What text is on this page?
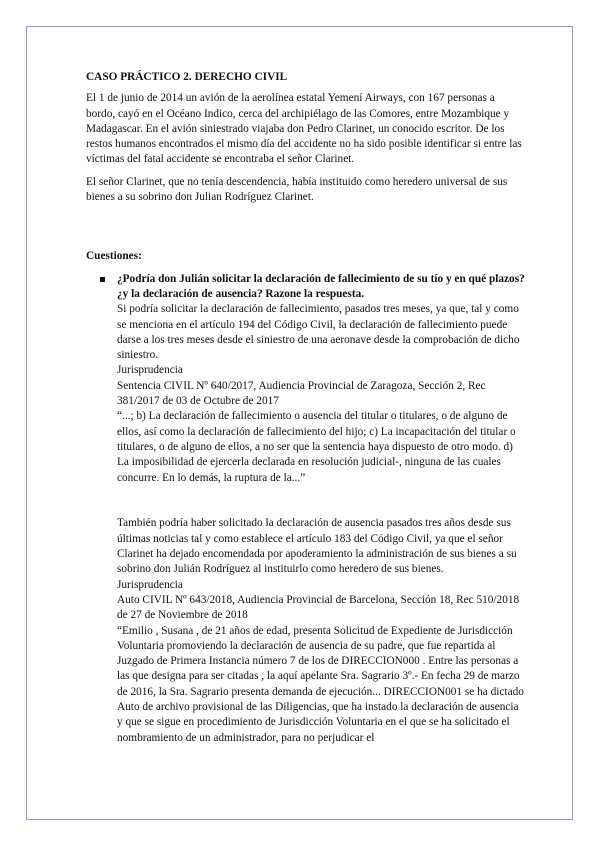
CASO PRÁCTICO 2. DERECHO CIVIL

El 1 de junio de 2014 un avión de la aerolínea estatal Yemení Airways, con 167 personas a bordo, cayó en el Océano Indico, cerca del archipiélago de las Comores, entre Mozambique y Madagascar. En el avión siniestrado viajaba don Pedro Clarinet, un conocido escritor. De los restos humanos encontrados el mismo día del accidente no ha sido posible identificar si entre las víctimas del fatal accidente se encontraba el señor Clarinet.

El señor Clarinet, que no tenía descendencia, había instituido como heredero universal de sus bienes a su sobrino don Julian Rodríguez Clarinet.

Cuestiones:

¿Podría don Julián solicitar la declaración de fallecimiento de su tío y en qué plazos? ¿y la declaración de ausencia? Razone la respuesta.

Si podría solicitar la declaración de fallecimiento, pasados tres meses, ya que, tal y como se menciona en el artículo 194 del Código Civil, la declaración de fallecimiento puede darse a los tres meses desde el siniestro de una aeronave desde la comprobación de dicho siniestro.

Jurisprudencia

Sentencia CIVIL Nº 640/2017, Audiencia Provincial de Zaragoza, Sección 2, Rec 381/2017 de 03 de Octubre de 2017

“...; b) La declaración de fallecimiento o ausencia del titular o titulares, o de alguno de ellos, así como la declaración de fallecimiento del hijo; c) La incapacitación del titular o titulares, o de alguno de ellos, a no ser que la sentencia haya dispuesto de otro modo. d) La imposibilidad de ejercerla declarada en resolución judicial-, ninguna de las cuales concurre. En lo demás, la ruptura de la...”

También podría haber solicitado la declaración de ausencia pasados tres años desde sus últimas noticias tal y como establece el artículo 183 del Código Civil, ya que el señor Clarinet ha dejado encomendada por apoderamiento la administración de sus bienes a su sobrino don Julián Rodríguez al instituirlo como heredero de sus bienes.

Jurisprudencia

Auto CIVIL Nº 643/2018, Audiencia Provincial de Barcelona, Sección 18, Rec 510/2018 de 27 de Noviembre de 2018

“Emilio , Susana , de 21 años de edad, presenta Solicitud de Expediente de Jurisdicción Voluntaria promoviendo la declaración de ausencia de su padre, que fue repartida al Juzgado de Primera Instancia número 7 de los de DIRECCION000 . Entre las personas a las que designa para ser citadas , la aquí apelante Sra. Sagrario 3º.- En fecha 29 de marzo de 2016, la Sra. Sagrario presenta demanda de ejecución... DIRECCION001 se ha dictado Auto de archivo provisional de las Diligencias, que ha instado la declaración de ausencia y que se sigue en procedimiento de Jurisdicción Voluntaria en el que se ha solicitado el nombramiento de un administrador, para no perjudicar el
